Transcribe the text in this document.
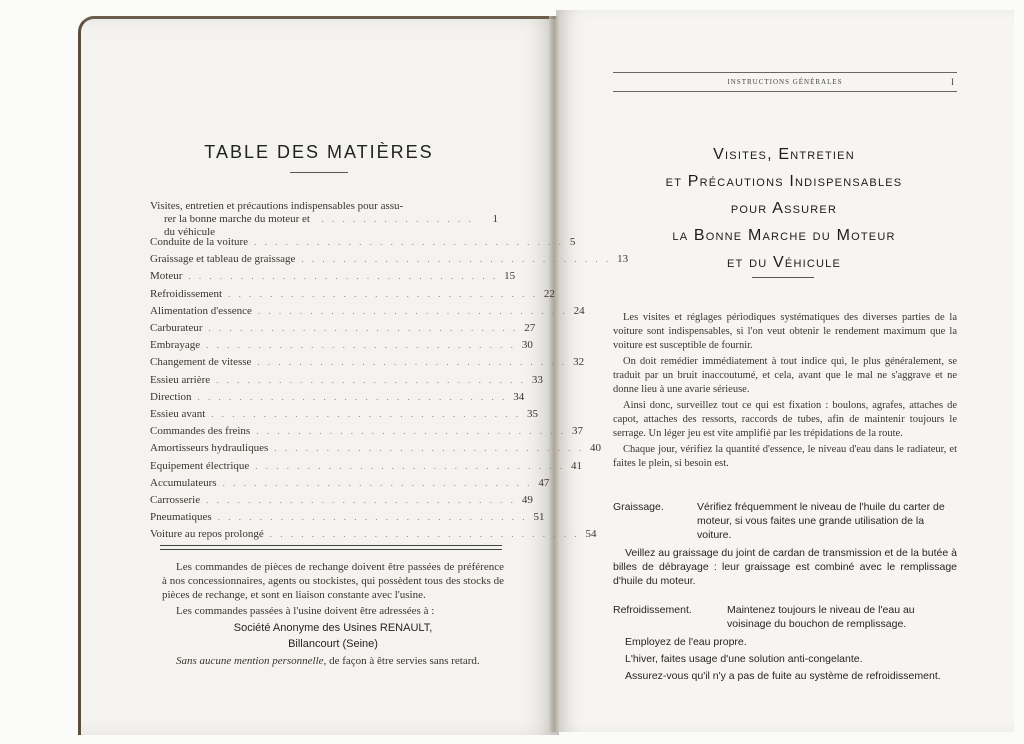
TABLE DES MATIÈRES
Visites, entretien et précautions indispensables pour assu-
rer la bonne marche du moteur et du véhicule
. . . . . . . . . . . . . . .	1
Conduite de la voiture . . . . . . . . . . . . . . . . . . . . . . . . . . . . . . 5
Graissage et tableau de graissage . . . . . . . . . . . . . . . . . . . . . . . . . . . . . . 13
Moteur . . . . . . . . . . . . . . . . . . . . . . . . . . . . . . 15
Refroidissement . . . . . . . . . . . . . . . . . . . . . . . . . . . . . . 22
Alimentation d'essence . . . . . . . . . . . . . . . . . . . . . . . . . . . . . . 24
Carburateur . . . . . . . . . . . . . . . . . . . . . . . . . . . . . . 27
Embrayage . . . . . . . . . . . . . . . . . . . . . . . . . . . . . . 30
Changement de vitesse . . . . . . . . . . . . . . . . . . . . . . . . . . . . . . 32
Essieu arrière . . . . . . . . . . . . . . . . . . . . . . . . . . . . . . 33
Direction . . . . . . . . . . . . . . . . . . . . . . . . . . . . . . 34
Essieu avant . . . . . . . . . . . . . . . . . . . . . . . . . . . . . . 35
Commandes des freins . . . . . . . . . . . . . . . . . . . . . . . . . . . . . . 37
Amortisseurs hydrauliques . . . . . . . . . . . . . . . . . . . . . . . . . . . . . . 40
Equipement électrique . . . . . . . . . . . . . . . . . . . . . . . . . . . . . . 41
Accumulateurs . . . . . . . . . . . . . . . . . . . . . . . . . . . . . . 47
Carrosserie . . . . . . . . . . . . . . . . . . . . . . . . . . . . . . 49
Pneumatiques . . . . . . . . . . . . . . . . . . . . . . . . . . . . . . 51
Voiture au repos prolongé . . . . . . . . . . . . . . . . . . . . . . . . . . . . . . 54

Les commandes de pièces de rechange doivent être passées de préférence à nos concessionnaires, agents ou stockistes, qui possèdent tous des stocks de pièces de rechange, et sont en liaison constante avec l'usine.

Les commandes passées à l'usine doivent être adressées à :

Société Anonyme des Usines RENAULT,

Billancourt (Seine)

Sans aucune mention personnelle, de façon à être servies sans retard.

INSTRUCTIONS GÉNÉRALES	I
Visites, Entretien
et Précautions Indispensables
pour Assurer
la Bonne Marche du Moteur
et du Véhicule

Les visites et réglages périodiques systématiques des diverses parties de la voiture sont indispensables, si l'on veut obtenir le rendement maximum que la voiture est susceptible de fournir.

On doit remédier immédiatement à tout indice qui, le plus généralement, se traduit par un bruit inaccoutumé, et cela, avant que le mal ne s'aggrave et ne donne lieu à une avarie sérieuse.

Ainsi donc, surveillez tout ce qui est fixation : boulons, agrafes, attaches de capot, attaches des ressorts, raccords de tubes, afin de maintenir toujours le serrage. Un léger jeu est vite amplifié par les trépidations de la route.

Chaque jour, vérifiez la quantité d'essence, le niveau d'eau dans le radiateur, et faites le plein, si besoin est.

Graissage.	Vérifiez fréquemment le niveau de l'huile du carter de moteur, si vous faites une grande utilisation de la voiture.

Veillez au graissage du joint de cardan de transmission et de la butée à billes de débrayage : leur graissage est combiné avec le remplissage d'huile du moteur.

Refroidissement.	Maintenez toujours le niveau de l'eau au voisinage du bouchon de remplissage.

Employez de l'eau propre.

L'hiver, faites usage d'une solution anti-congelante.

Assurez-vous qu'il n'y a pas de fuite au système de refroidissement.
